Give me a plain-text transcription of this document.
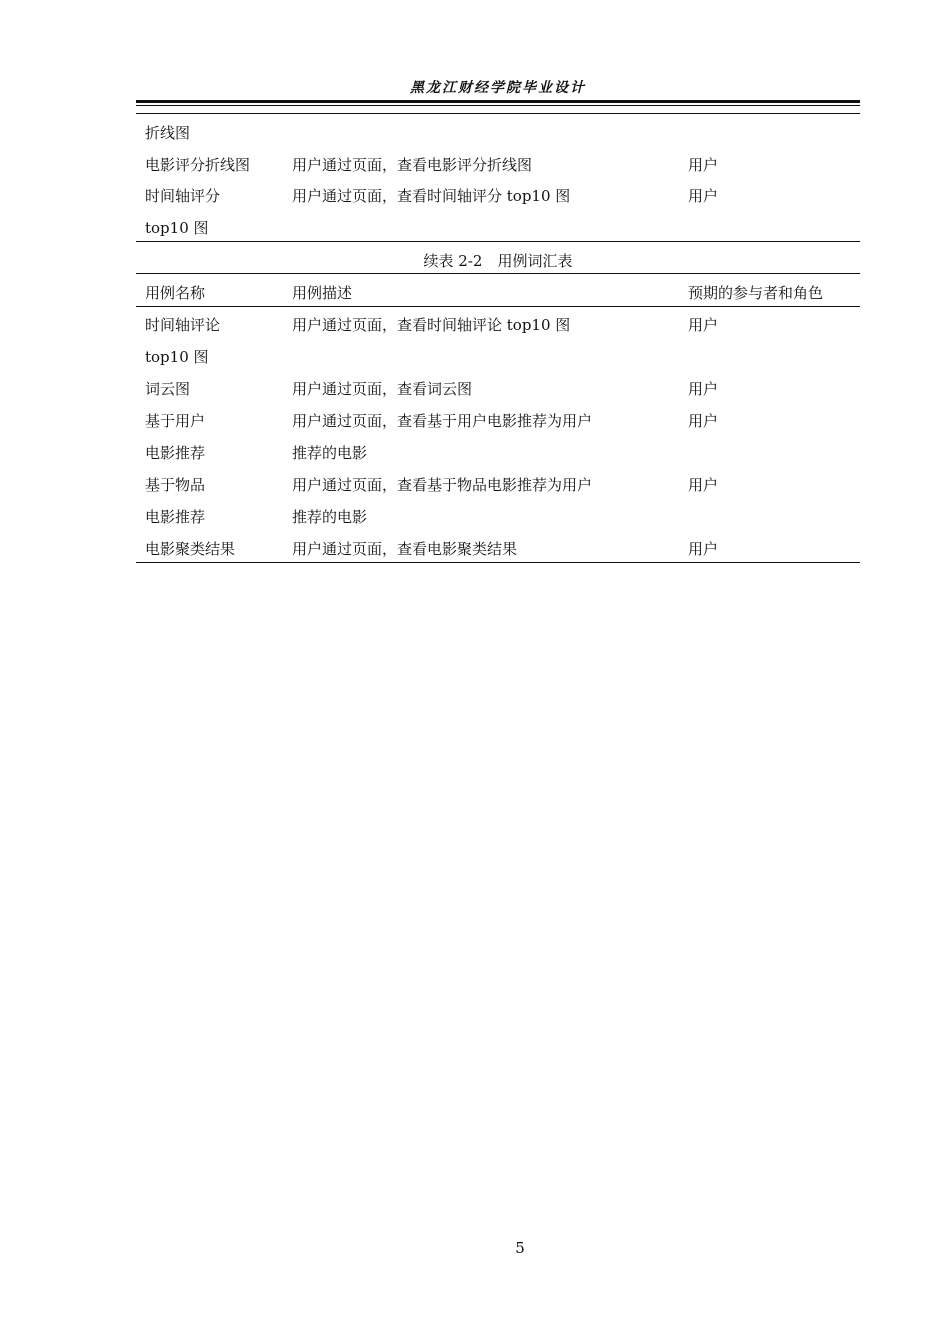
黑龙江财经学院毕业设计
折线图
电影评分折线图	用户通过页面，查看电影评分折线图	用户
时间轴评分	用户通过页面，查看时间轴评分 top10 图	用户
top10 图
续表 2-2　用例词汇表
用例名称	用例描述	预期的参与者和角色
时间轴评论	用户通过页面，查看时间轴评论 top10 图	用户
top10 图
词云图	用户通过页面，查看词云图	用户
基于用户	用户通过页面，查看基于用户电影推荐为用户	用户
电影推荐	推荐的电影
基于物品	用户通过页面，查看基于物品电影推荐为用户	用户
电影推荐	推荐的电影
电影聚类结果	用户通过页面，查看电影聚类结果	用户
5
